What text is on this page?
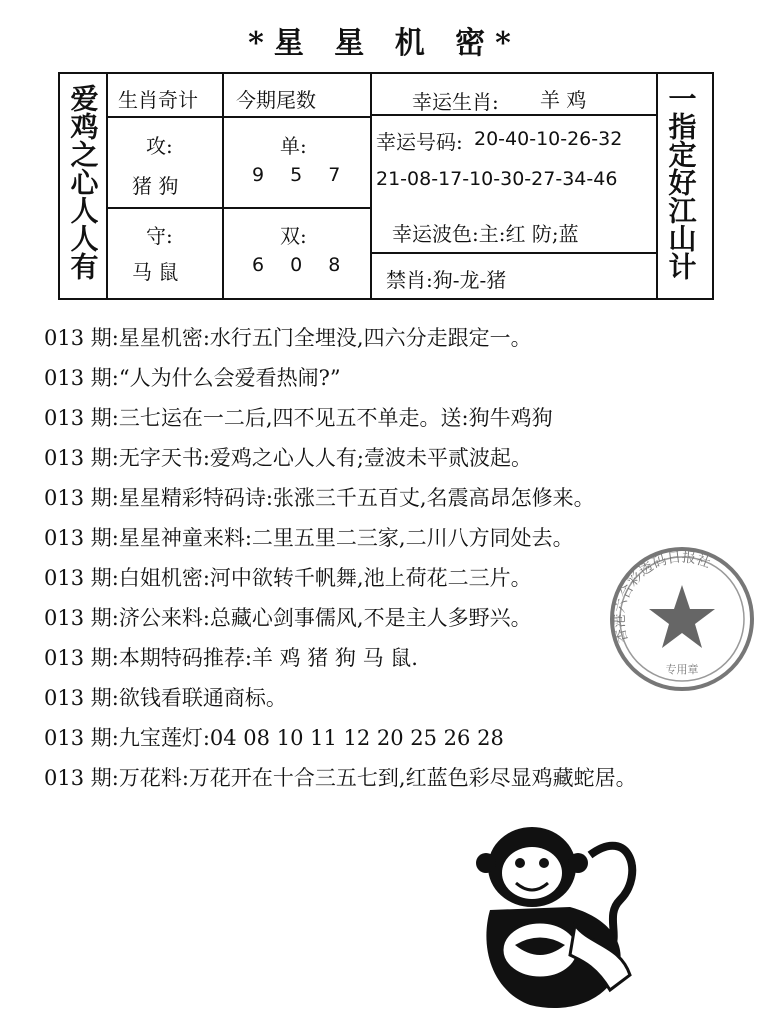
*星 星 机 密*
爱鸡之心人人有	一指定好江山计
生肖奇计 今期尾数	幸运生肖: 羊 鸡
攻:
猪 狗
单:
9 5 7
幸运号码: 20-40-10-26-32
21-08-17-10-30-27-34-46
守:
马 鼠
双:
6 0 8
幸运波色:主:红 防;蓝
禁肖:狗-龙-猪
013 期:星星机密:水行五门全埋没,四六分走跟定一。
013 期:“人为什么会爱看热闹?”
013 期:三七运在一二后,四不见五不单走。送:狗牛鸡狗
013 期:无字天书:爱鸡之心人人有;壹波未平贰波起。
013 期:星星精彩特码诗:张涨三千五百丈,名震高昂怎修来。
013 期:星星神童来料:二里五里二三家,二川八方同处去。
013 期:白姐机密:河中欲转千帆舞,池上荷花二三片。
013 期:济公来料:总藏心剑事儒风,不是主人多野兴。
013 期:本期特码推荐:羊 鸡 猪 狗 马 鼠.
013 期:欲钱看联通商标。
013 期:九宝莲灯:04 08 10 11 12 20 25 26 28
013 期:万花料:万花开在十合三五七到,红蓝色彩尽显鸡藏蛇居。
香港六合彩透码日报社
专用章
